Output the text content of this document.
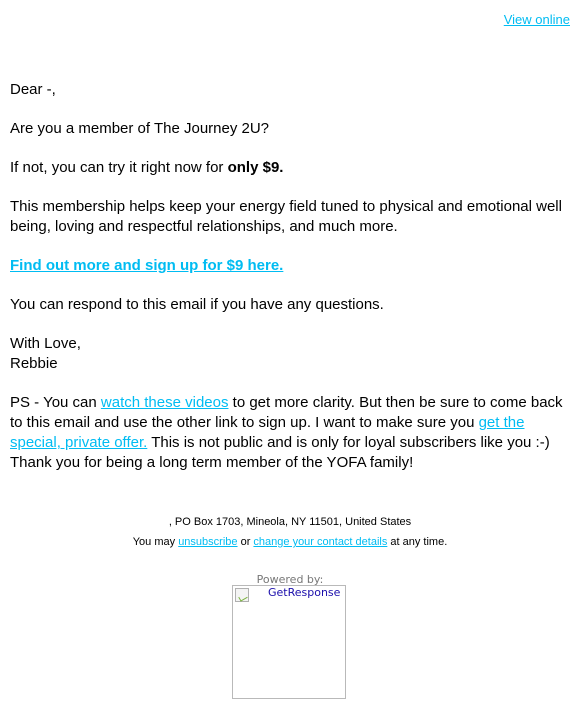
View online

Dear -,

Are you a member of The Journey 2U?

If not, you can try it right now for only $9.

This membership helps keep your energy field tuned to physical and emotional well being, loving and respectful relationships, and much more.

Find out more and sign up for $9 here.

You can respond to this email if you have any questions.

With Love,
Rebbie

PS - You can watch these videos to get more clarity. But then be sure to come back to this email and use the other link to sign up. I want to make sure you get the special, private offer. This is not public and is only for loyal subscribers like you :-) Thank you for being a long term member of the YOFA family!

, PO Box 1703, Mineola, NY 11501, United States
You may unsubscribe or change your contact details at any time.
Powered by:
GetResponse
